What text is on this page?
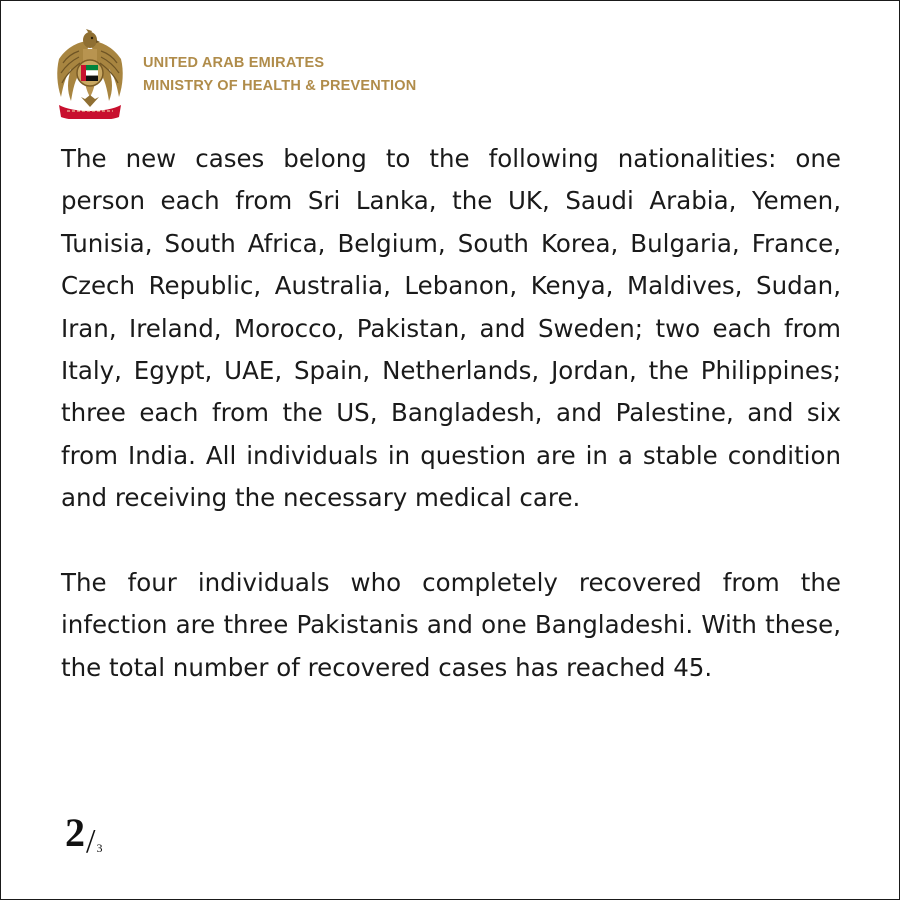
UNITED ARAB EMIRATES
MINISTRY OF HEALTH & PREVENTION

The new cases belong to the following nationalities: one person each from Sri Lanka, the UK, Saudi Arabia, Yemen, Tunisia, South Africa, Belgium, South Korea, Bulgaria, France, Czech Republic, Australia, Lebanon, Kenya, Maldives, Sudan, Iran, Ireland, Morocco, Pakistan, and Sweden; two each from Italy, Egypt, UAE, Spain, Netherlands, Jordan, the Philippines; three each from the US, Bangladesh, and Palestine, and six from India. All individuals in question are in a stable condition and receiving the necessary medical care.

The four individuals who completely recovered from the infection are three Pakistanis and one Bangladeshi. With these, the total number of recovered cases has reached 45.

2 / 3
